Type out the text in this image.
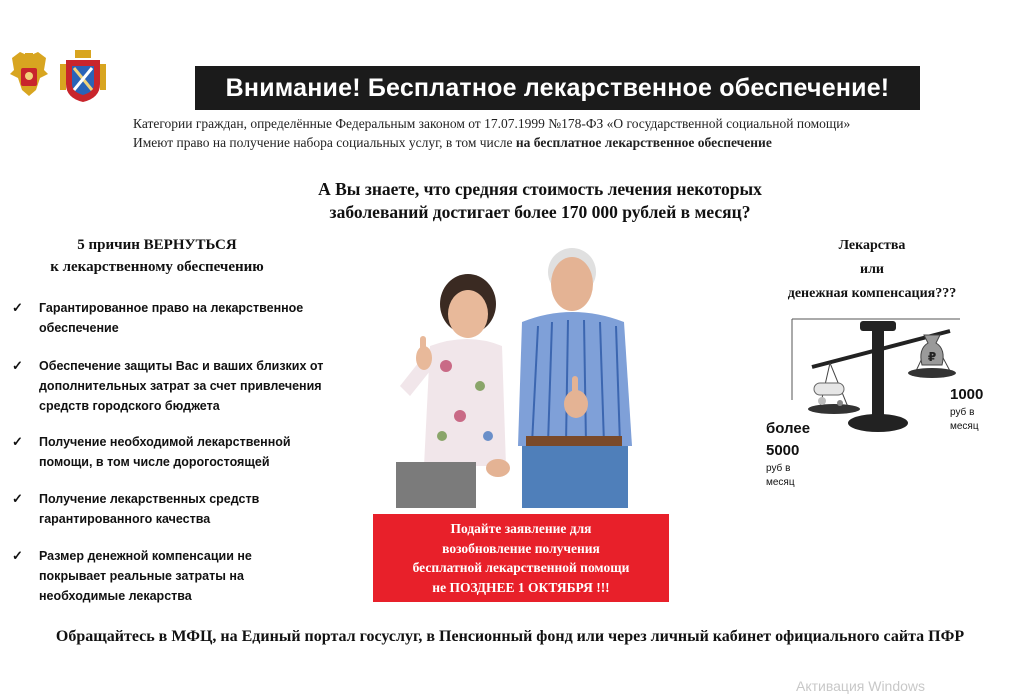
Внимание! Бесплатное лекарственное обеспечение!
Категории граждан, определённые Федеральным законом от 17.07.1999 №178-ФЗ «О государственной социальной помощи»
Имеют право на получение набора социальных услуг, в том числе на бесплатное лекарственное обеспечение
А Вы знаете, что средняя стоимость лечения некоторых
заболеваний достигает более 170 000 рублей в месяц?
5 причин ВЕРНУТЬСЯ
к лекарственному обеспечению
✓ Гарантированное право на лекарственное
обеспечение
✓ Обеспечение защиты Вас и ваших близких от
дополнительных затрат за счет привлечения
средств городского бюджета
✓ Получение необходимой лекарственной
помощи, в том числе дорогостоящей
✓ Получение лекарственных средств
гарантированного качества
✓ Размер денежной компенсации не
покрывает реальные затраты на
необходимые лекарства
Подайте заявление для
возобновление получения
бесплатной лекарственной помощи
не ПОЗДНЕЕ 1 ОКТЯБРЯ !!!
Лекарства
или
денежная компенсация???
₽
более
5000
руб в
месяц
1000
руб в
месяц
Обращайтесь в МФЦ, на Единый портал госуслуг, в Пенсионный фонд или через личный кабинет официального сайта ПФР
Активация Windows
